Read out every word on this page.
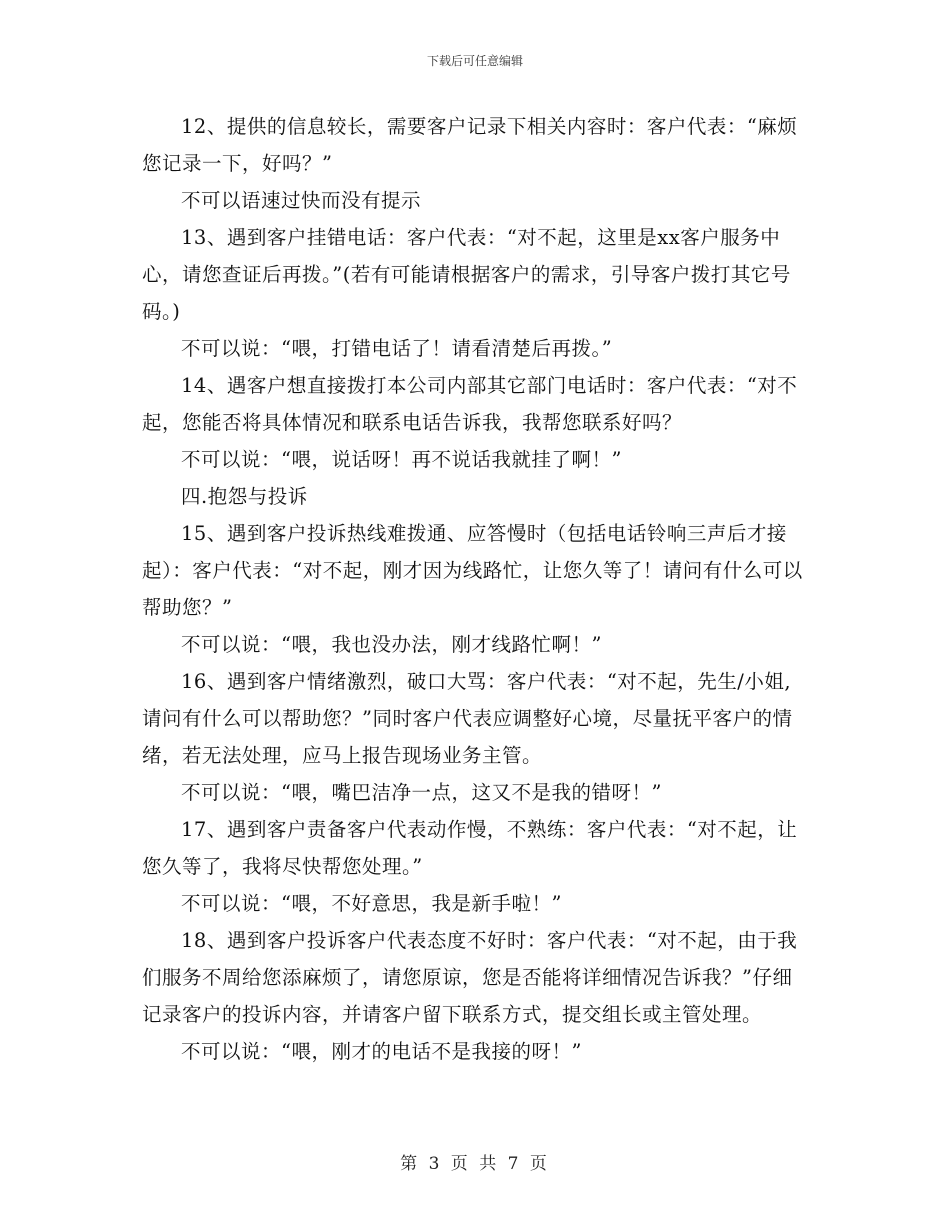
下载后可任意编辑

12、提供的信息较长，需要客户记录下相关内容时：客户代表：“麻烦您记录一下，好吗？”

不可以语速过快而没有提示

13、遇到客户挂错电话：客户代表：“对不起，这里是xx客户服务中心，请您查证后再拨。”(若有可能请根据客户的需求，引导客户拨打其它号码。)

不可以说：“喂，打错电话了！请看清楚后再拨。”

14、遇客户想直接拨打本公司内部其它部门电话时：客户代表：“对不起，您能否将具体情况和联系电话告诉我，我帮您联系好吗？

不可以说：“喂，说话呀！再不说话我就挂了啊！”

四.抱怨与投诉

15、遇到客户投诉热线难拨通、应答慢时（包括电话铃响三声后才接起）：客户代表：“对不起，刚才因为线路忙，让您久等了！请问有什么可以帮助您？”

不可以说：“喂，我也没办法，刚才线路忙啊！”

16、遇到客户情绪激烈，破口大骂：客户代表：“对不起，先生/小姐,请问有什么可以帮助您？”同时客户代表应调整好心境，尽量抚平客户的情绪，若无法处理，应马上报告现场业务主管。

不可以说：“喂，嘴巴洁净一点，这又不是我的错呀！”

17、遇到客户责备客户代表动作慢，不熟练：客户代表：“对不起，让您久等了，我将尽快帮您处理。”

不可以说：“喂，不好意思，我是新手啦！”

18、遇到客户投诉客户代表态度不好时：客户代表：“对不起，由于我们服务不周给您添麻烦了，请您原谅，您是否能将详细情况告诉我？”仔细记录客户的投诉内容，并请客户留下联系方式，提交组长或主管处理。

不可以说：“喂，刚才的电话不是我接的呀！”

第 3 页 共 7 页
